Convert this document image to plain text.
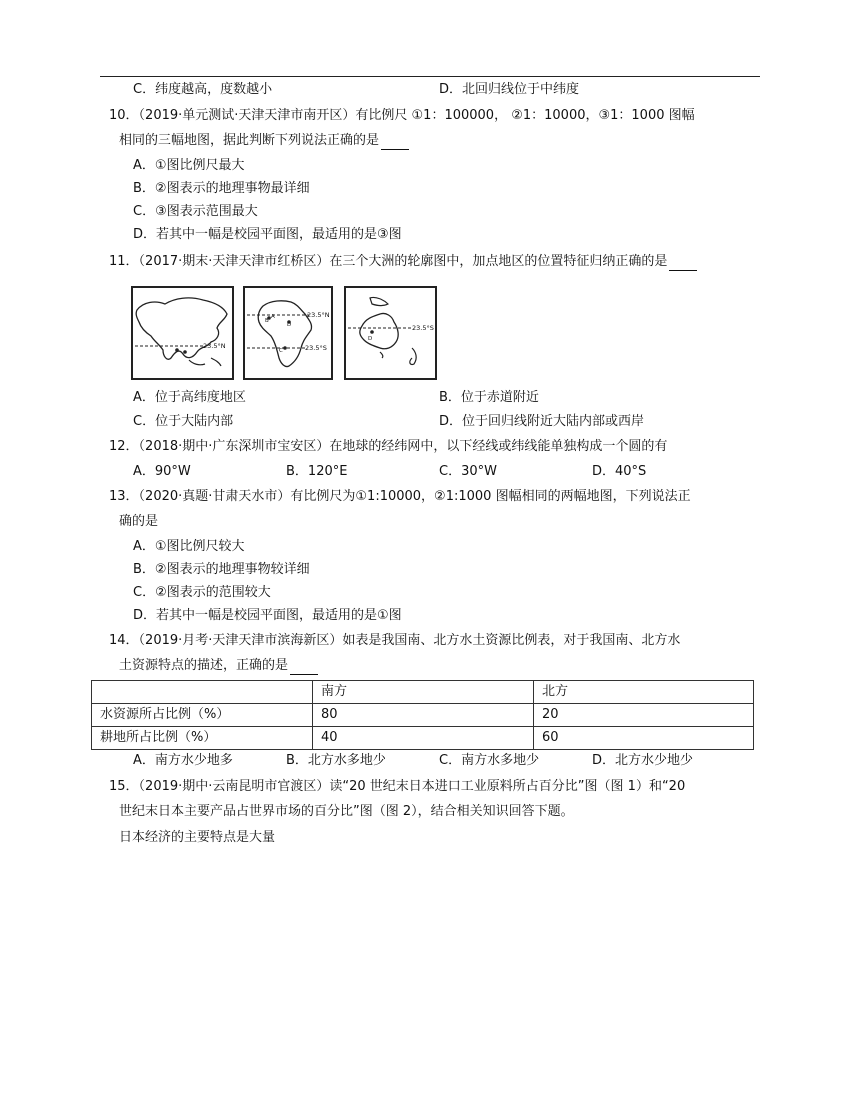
C．纬度越高，度数越小	D．北回归线位于中纬度
10．（2019·单元测试·天津天津市南开区）有比例尺 ①1：100000， ②1：10000，③1：1000 图幅
相同的三幅地图，据此判断下列说法正确的是
A．①图比例尺最大
B．②图表示的地理事物最详细
C．③图表示范围最大
D．若其中一幅是校园平面图，最适用的是③图
11．（2017·期末·天津天津市红桥区）在三个大洲的轮廓图中，加点地区的位置特征归纳正确的是
23.5°N
23.5°N
23.5°S
B
A
D
C
23.5°S
D
A．位于高纬度地区	B．位于赤道附近
C．位于大陆内部	D．位于回归线附近大陆内部或西岸
12．（2018·期中·广东深圳市宝安区）在地球的经纬网中，以下经线或纬线能单独构成一个圆的有
A．90°W	B．120°E	C．30°W	D．40°S
13．（2020·真题·甘肃天水市）有比例尺为①1:10000，②1:1000 图幅相同的两幅地图，下列说法正
确的是
A．①图比例尺较大
B．②图表示的地理事物较详细
C．②图表示的范围较大
D．若其中一幅是校园平面图，最适用的是①图
14．（2019·月考·天津天津市滨海新区）如表是我国南、北方水土资源比例表，对于我国南、北方水
土资源特点的描述，正确的是
	南方	北方
水资源所占比例（%）	80	20
耕地所占比例（%）	40	60
A．南方水少地多	B．北方水多地少	C．南方水多地少	D．北方水少地少
15．（2019·期中·云南昆明市官渡区）读“20 世纪末日本进口工业原料所占百分比”图（图 1）和“20
世纪末日本主要产品占世界市场的百分比”图（图 2），结合相关知识回答下题。
日本经济的主要特点是大量
